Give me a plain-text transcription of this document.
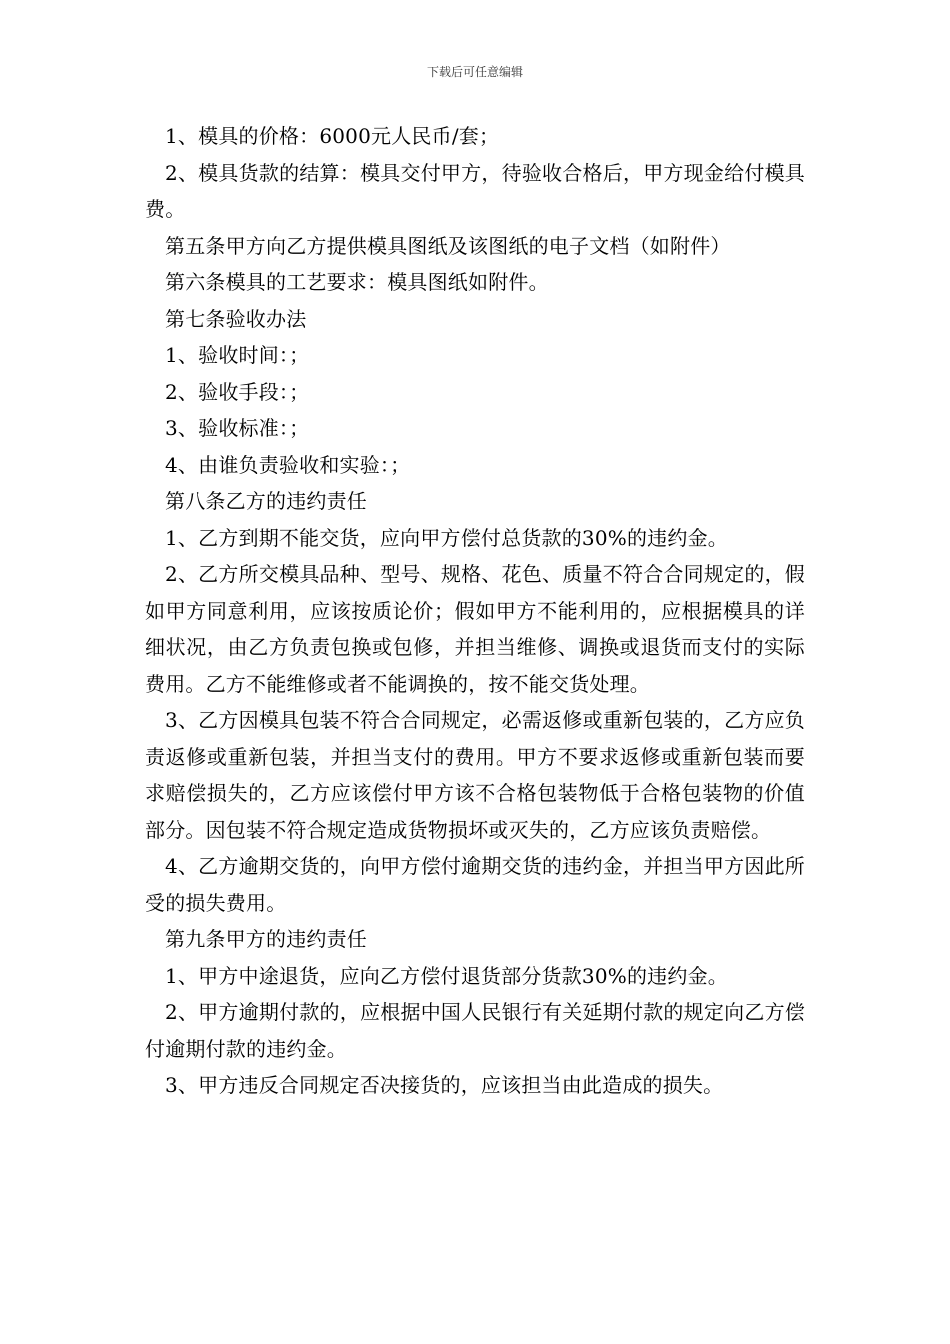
下载后可任意编辑

1、模具的价格：6000元人民币/套；

2、模具货款的结算：模具交付甲方，待验收合格后，甲方现金给付模具费。

第五条甲方向乙方提供模具图纸及该图纸的电子文档（如附件）

第六条模具的工艺要求：模具图纸如附件。

第七条验收办法

1、验收时间：；

2、验收手段：；

3、验收标准：；

4、由谁负责验收和实验：；

第八条乙方的违约责任

1、乙方到期不能交货，应向甲方偿付总货款的30%的违约金。

2、乙方所交模具品种、型号、规格、花色、质量不符合合同规定的，假如甲方同意利用，应该按质论价；假如甲方不能利用的，应根据模具的详细状况，由乙方负责包换或包修，并担当维修、调换或退货而支付的实际费用。乙方不能维修或者不能调换的，按不能交货处理。

3、乙方因模具包装不符合合同规定，必需返修或重新包装的，乙方应负责返修或重新包装，并担当支付的费用。甲方不要求返修或重新包装而要求赔偿损失的，乙方应该偿付甲方该不合格包装物低于合格包装物的价值部分。因包装不符合规定造成货物损坏或灭失的，乙方应该负责赔偿。

4、乙方逾期交货的，向甲方偿付逾期交货的违约金，并担当甲方因此所受的损失费用。

第九条甲方的违约责任

1、甲方中途退货，应向乙方偿付退货部分货款30%的违约金。

2、甲方逾期付款的，应根据中国人民银行有关延期付款的规定向乙方偿付逾期付款的违约金。

3、甲方违反合同规定否决接货的，应该担当由此造成的损失。
